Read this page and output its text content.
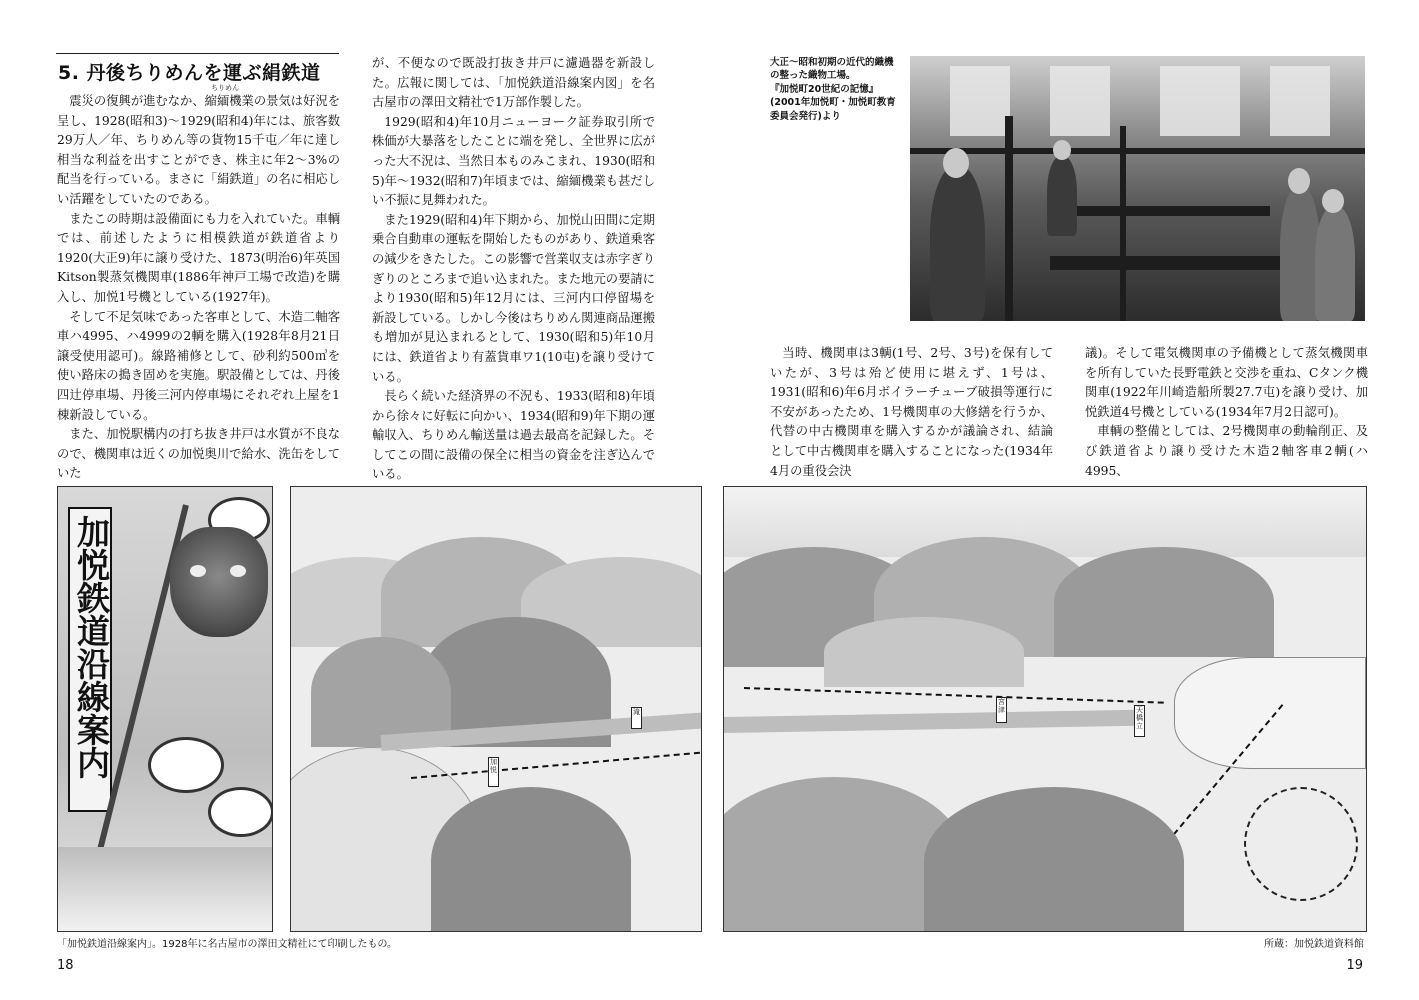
5. 丹後ちりめんを運ぶ絹鉄道

震災の復興が進むなか、縮緬機業の景気は好況を呈し、1928(昭和3)～1929(昭和4)年には、旅客数29万人／年、ちりめん等の貨物15千屯／年に達し相当な利益を出すことができ、株主に年2～3%の配当を行っている。まさに「絹鉄道」の名に相応しい活躍をしていたのである。

またこの時期は設備面にも力を入れていた。車輌では、前述したように相模鉄道が鉄道省より1920(大正9)年に譲り受けた、1873(明治6)年英国Kitson製蒸気機関車(1886年神戸工場で改造)を購入し、加悦1号機としている(1927年)。

そして不足気味であった客車として、木造二軸客車ハ4995、ハ4999の2輌を購入(1928年8月21日譲受使用認可)。線路補修として、砂利約500㎥を使い路床の搗き固めを実施。駅設備としては、丹後四辻停車場、丹後三河内停車場にそれぞれ上屋を1棟新設している。

また、加悦駅構内の打ち抜き井戸は水質が不良なので、機関車は近くの加悦奥川で給水、洗缶をしていた

ちりめん

が、不便なので既設打抜き井戸に濾過器を新設した。広報に関しては、「加悦鉄道沿線案内図」を名古屋市の澤田文精社で1万部作製した。

1929(昭和4)年10月ニューヨーク証券取引所で株価が大暴落をしたことに端を発し、全世界に広がった大不況は、当然日本ものみこまれ、1930(昭和5)年～1932(昭和7)年頃までは、縮緬機業も甚だしい不振に見舞われた。

また1929(昭和4)年下期から、加悦山田間に定期乗合自動車の運転を開始したものがあり、鉄道乗客の減少をきたした。この影響で営業収支は赤字ぎりぎりのところまで追い込まれた。また地元の要請により1930(昭和5)年12月には、三河内口停留場を新設している。しかし今後はちりめん関連商品運搬も増加が見込まれるとして、1930(昭和5)年10月には、鉄道省より有蓋貨車ワ1(10屯)を譲り受けている。

長らく続いた経済界の不況も、1933(昭和8)年頃から徐々に好転に向かい、1934(昭和9)年下期の運輸収入、ちりめん輸送量は過去最高を記録した。そしてこの間に設備の保全に相当の資金を注ぎ込んでいる。

大正～昭和初期の近代的織機
の整った織物工場。
『加悦町20世紀の記憶』
(2001年加悦町・加悦町教育
委員会発行)より

当時、機関車は3輌(1号、2号、3号)を保有していたが、3号は殆ど使用に堪えず、1号は、1931(昭和6)年6月ボイラーチューブ破損等運行に不安があったため、1号機関車の大修繕を行うか、代替の中古機関車を購入するかが議論され、結論として中古機関車を購入することになった(1934年4月の重役会決

議)。そして電気機関車の予備機として蒸気機関車を所有していた長野電鉄と交渉を重ね、Cタンク機関車(1922年川崎造船所製27.7屯)を譲り受け、加悦鉄道4号機としている(1934年7月2日認可)。

車輌の整備としては、2号機関車の動輪削正、及び鉄道省より譲り受けた木造2軸客車2輌(ハ4995、

加悦鉄道沿線案内	加悦
滝
宮津	天橋立
「加悦鉄道沿線案内」。1928年に名古屋市の澤田文精社にて印刷したもの。	所蔵：加悦鉄道資料館
18	19
